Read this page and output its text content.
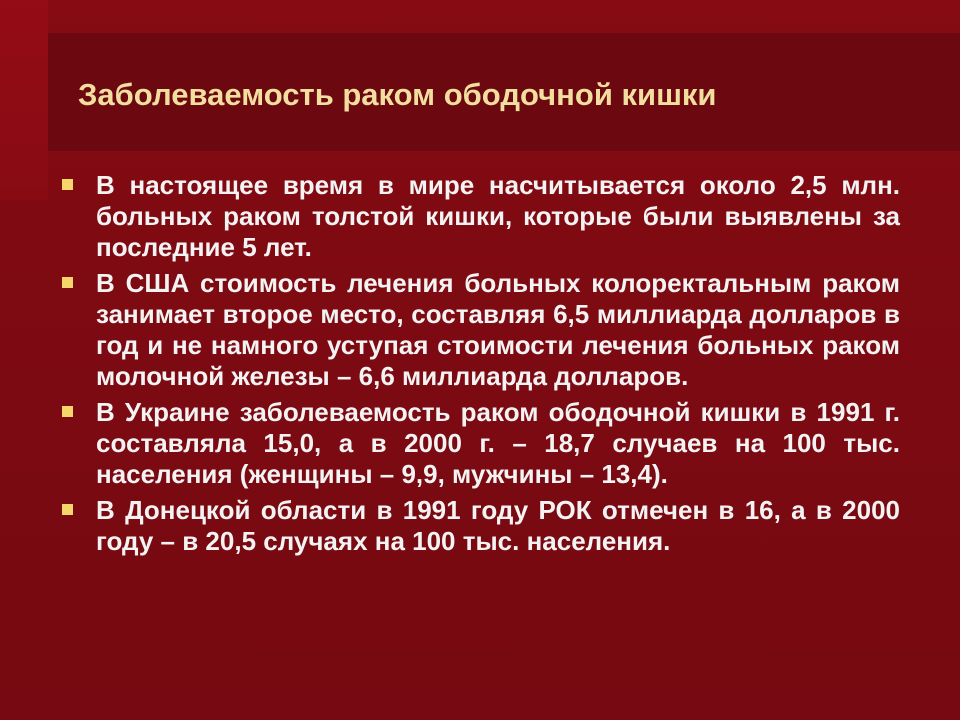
Заболеваемость раком ободочной кишки
В настоящее время в мире насчитывается около 2,5 млн. больных раком толстой кишки, которые были выявлены за последние 5 лет.
В США стоимость лечения больных колоректальным раком занимает второе место, составляя 6,5 миллиарда долларов в год и не намного уступая стоимости лечения больных раком молочной железы – 6,6 миллиарда долларов.
В Украине заболеваемость раком ободочной кишки в 1991 г. составляла 15,0, а в 2000 г. – 18,7 случаев на 100 тыс. населения (женщины – 9,9, мужчины – 13,4).
В Донецкой области в 1991 году РОК отмечен в 16, а в 2000 году – в 20,5 случаях на 100 тыс. населения.
